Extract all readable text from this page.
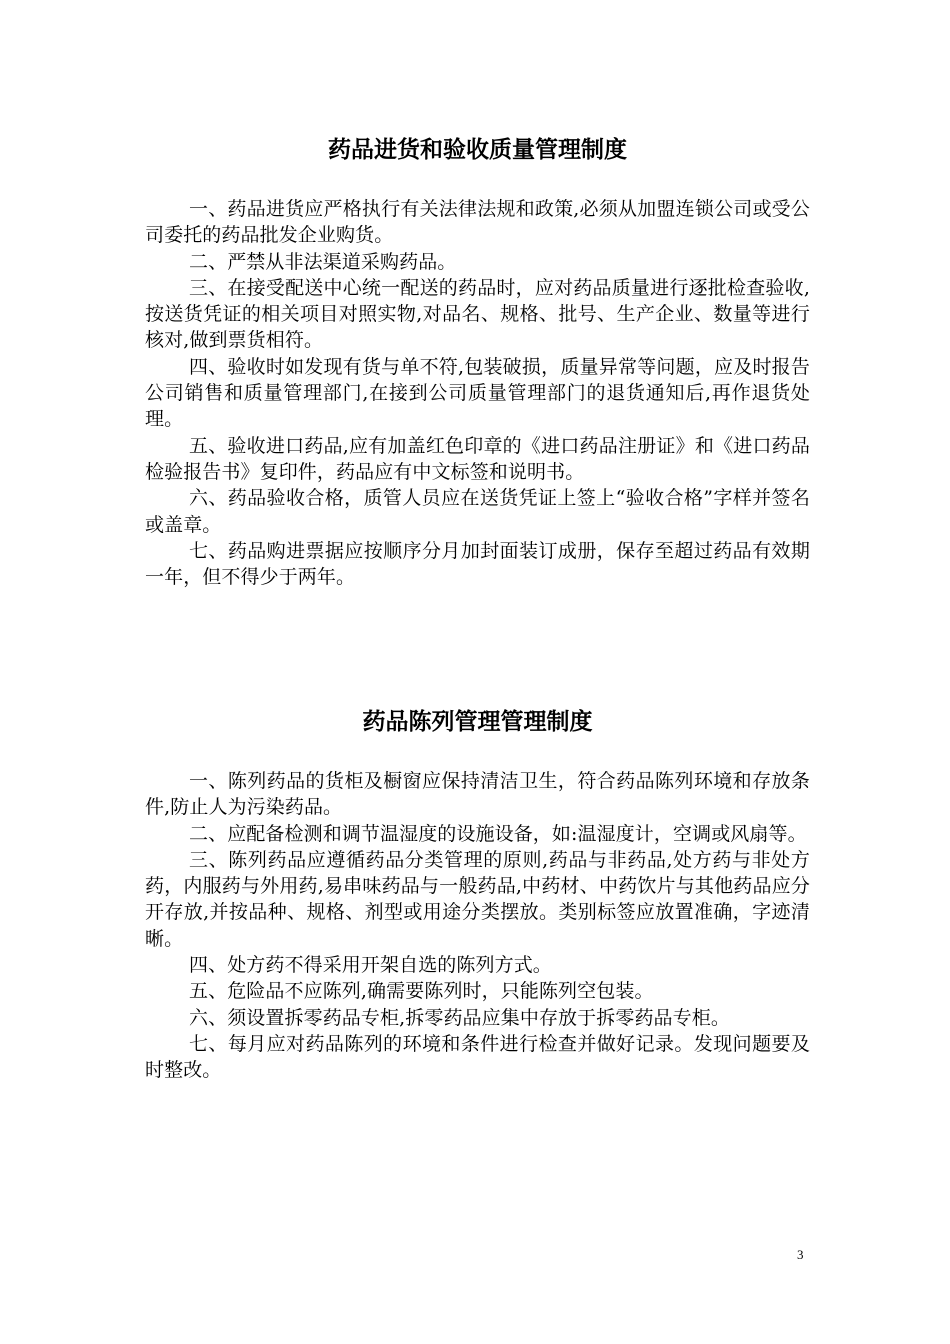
药品进货和验收质量管理制度

一、药品进货应严格执行有关法律法规和政策,必须从加盟连锁公司或受公司委托的药品批发企业购货。

二、严禁从非法渠道采购药品。

三、在接受配送中心统一配送的药品时，应对药品质量进行逐批检查验收,按送货凭证的相关项目对照实物,对品名、规格、批号、生产企业、数量等进行核对,做到票货相符。

四、验收时如发现有货与单不符,包装破损，质量异常等问题，应及时报告公司销售和质量管理部门,在接到公司质量管理部门的退货通知后,再作退货处理。

五、验收进口药品,应有加盖红色印章的《进口药品注册证》和《进口药品检验报告书》复印件，药品应有中文标签和说明书。

六、药品验收合格，质管人员应在送货凭证上签上“验收合格”字样并签名或盖章。

七、药品购进票据应按顺序分月加封面装订成册，保存至超过药品有效期一年，但不得少于两年。

药品陈列管理管理制度

一、陈列药品的货柜及橱窗应保持清洁卫生，符合药品陈列环境和存放条件,防止人为污染药品。

二、应配备检测和调节温湿度的设施设备，如:温湿度计，空调或风扇等。

三、陈列药品应遵循药品分类管理的原则,药品与非药品,处方药与非处方药，内服药与外用药,易串味药品与一般药品,中药材、中药饮片与其他药品应分开存放,并按品种、规格、剂型或用途分类摆放。类别标签应放置准确，字迹清晰。

四、处方药不得采用开架自选的陈列方式。

五、危险品不应陈列,确需要陈列时，只能陈列空包装。

六、须设置拆零药品专柜,拆零药品应集中存放于拆零药品专柜。

七、每月应对药品陈列的环境和条件进行检查并做好记录。发现问题要及时整改。

3
